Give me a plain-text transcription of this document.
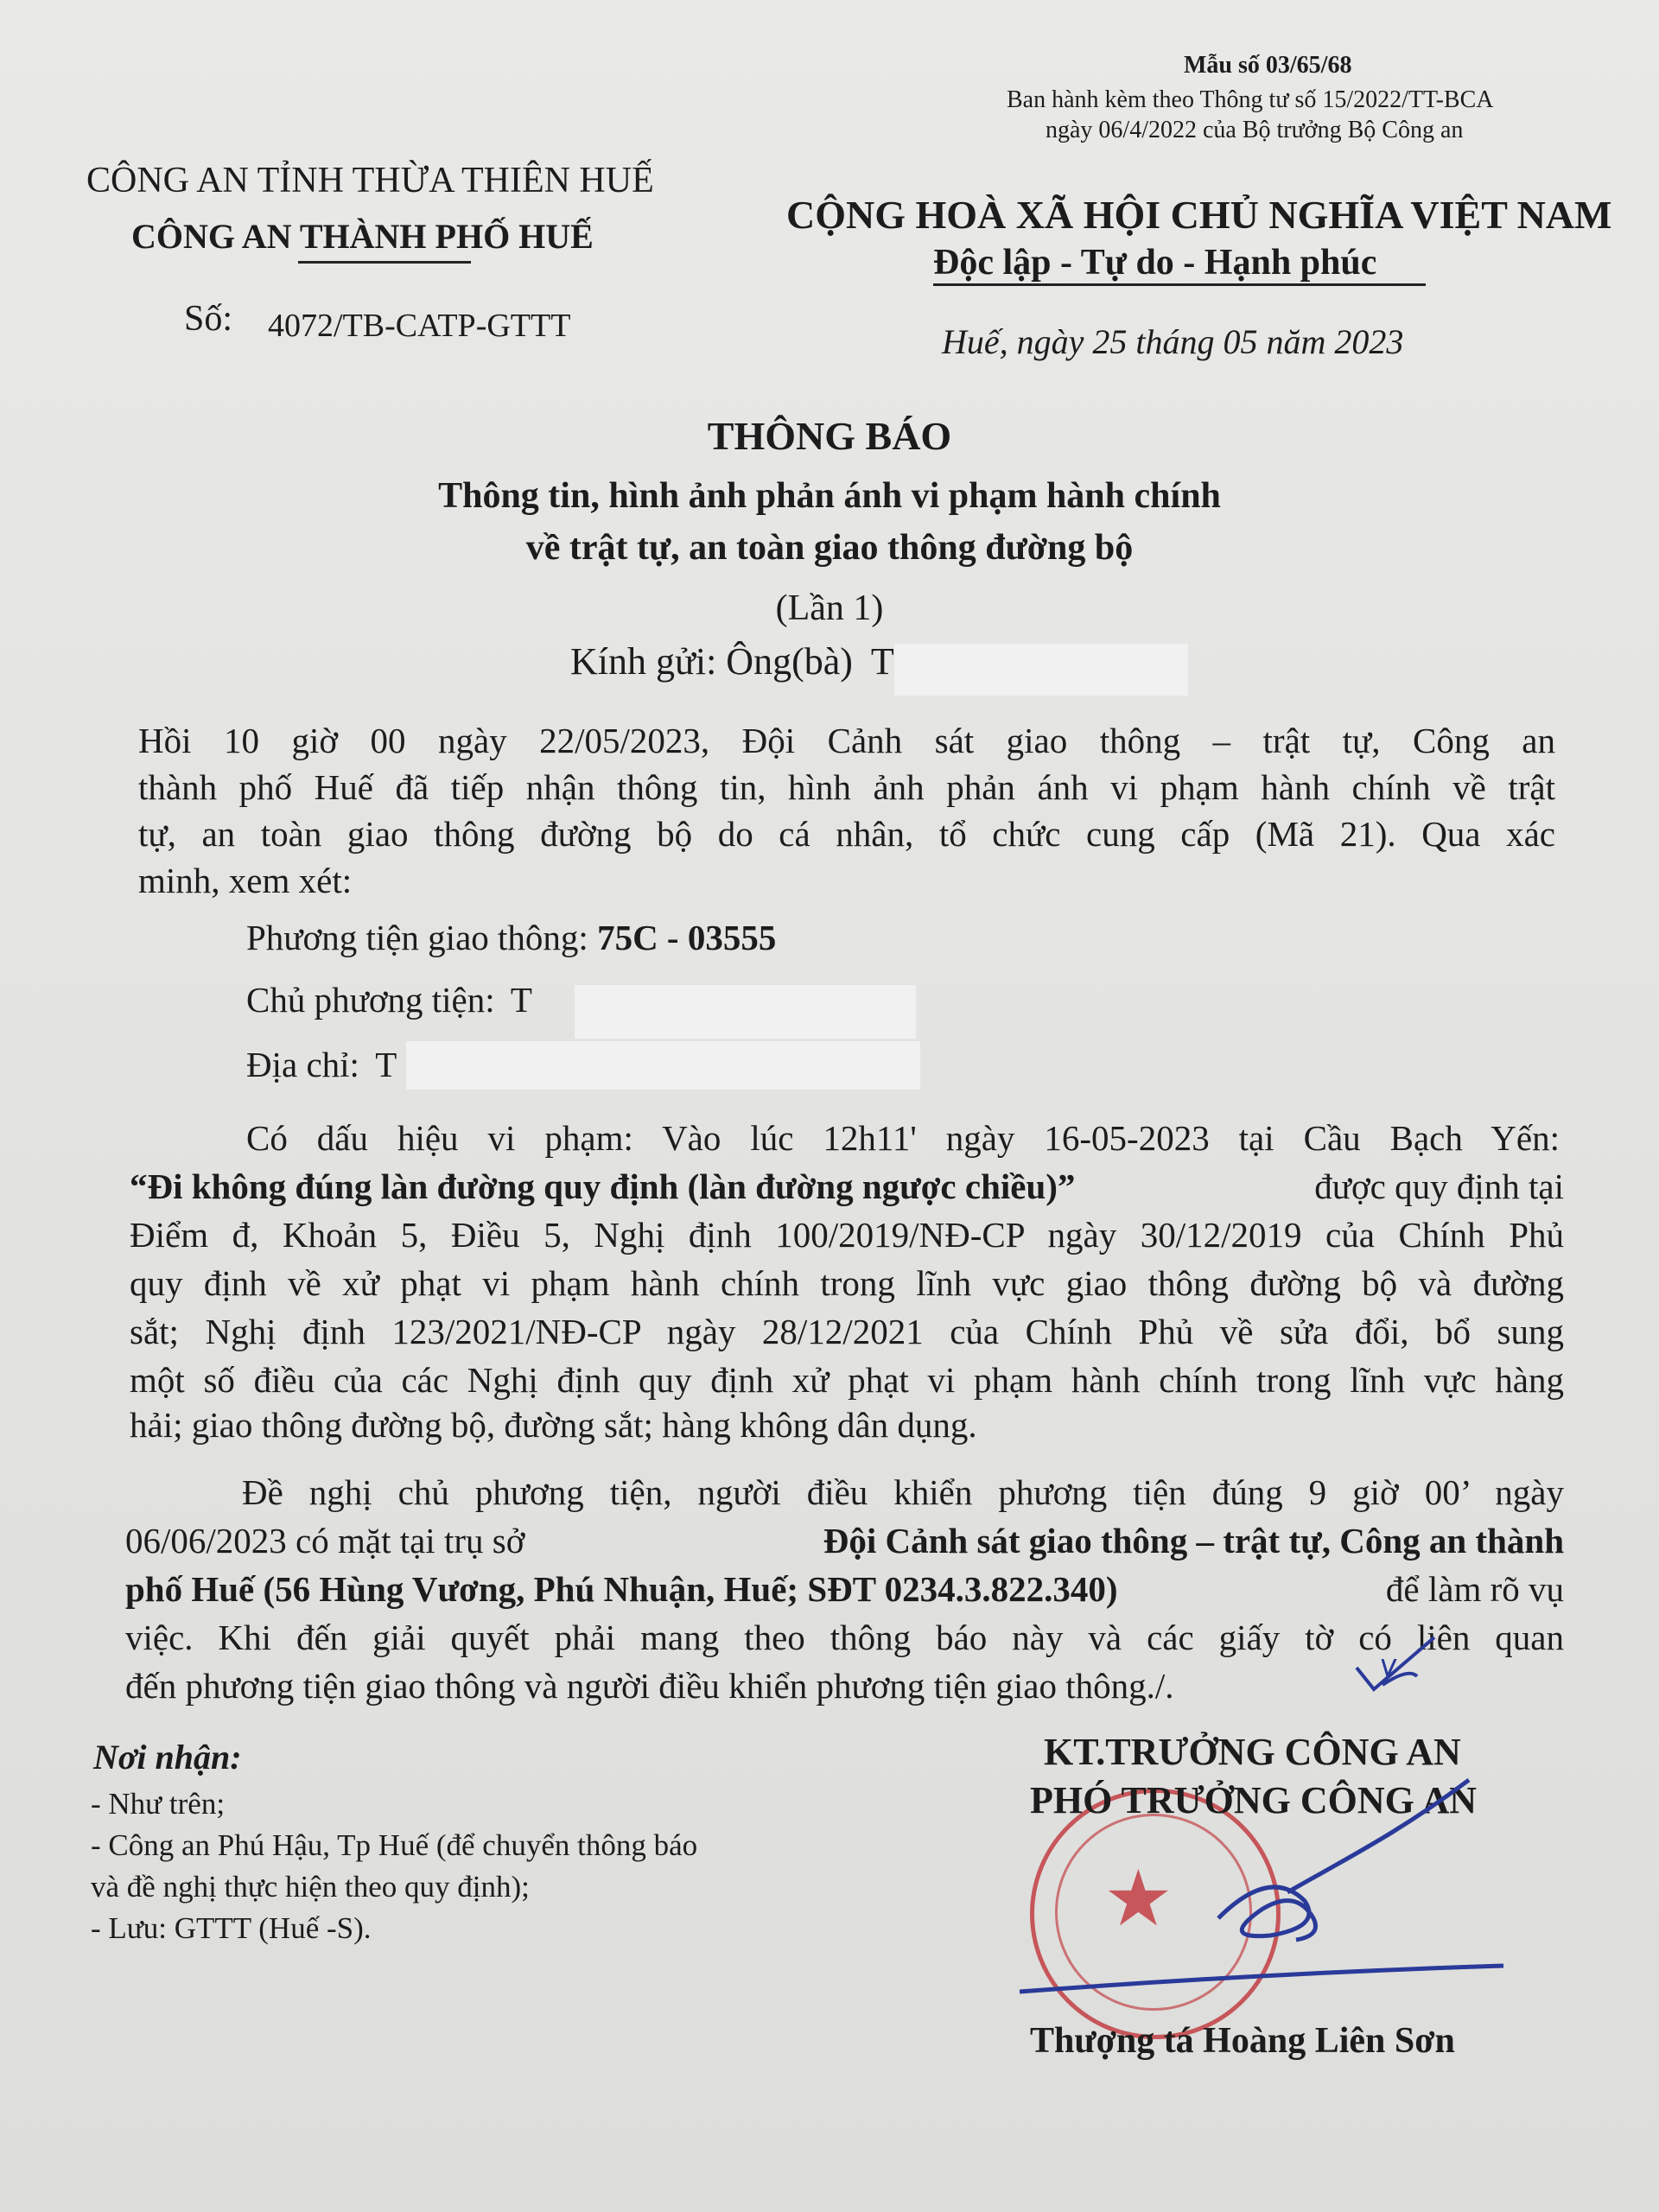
Mẫu số 03/65/68
Ban hành kèm theo Thông tư số 15/2022/TT-BCA
ngày 06/4/2022 của Bộ trưởng Bộ Công an
CÔNG AN TỈNH THỪA THIÊN HUẾ
CÔNG AN THÀNH PHỐ HUẾ
Số: 4072/TB-CATP-GTTT
CỘNG HOÀ XÃ HỘI CHỦ NGHĨA VIỆT NAM
Độc lập - Tự do - Hạnh phúc
Huế, ngày 25 tháng 05 năm 2023
THÔNG BÁO
Thông tin, hình ảnh phản ánh vi phạm hành chính
về trật tự, an toàn giao thông đường bộ
(Lần 1)
Kính gửi: Ông(bà) T
Hồi 10 giờ 00 ngày 22/05/2023, Đội Cảnh sát giao thông – trật tự, Công an
thành phố Huế đã tiếp nhận thông tin, hình ảnh phản ánh vi phạm hành chính về trật
tự, an toàn giao thông đường bộ do cá nhân, tổ chức cung cấp (Mã 21). Qua xác
minh, xem xét:
Phương tiện giao thông: 75C - 03555
Chủ phương tiện: T
Địa chỉ: T
Có dấu hiệu vi phạm: Vào lúc 12h11' ngày 16-05-2023 tại Cầu Bạch Yến:
“Đi không đúng làn đường quy định (làn đường ngược chiều)”	được quy định tại
Điểm đ, Khoản 5, Điều 5, Nghị định 100/2019/NĐ-CP ngày 30/12/2019 của Chính Phủ
quy định về xử phạt vi phạm hành chính trong lĩnh vực giao thông đường bộ và đường
sắt; Nghị định 123/2021/NĐ-CP ngày 28/12/2021 của Chính Phủ về sửa đổi, bổ sung
một số điều của các Nghị định quy định xử phạt vi phạm hành chính trong lĩnh vực hàng
hải; giao thông đường bộ, đường sắt; hàng không dân dụng.
Đề nghị chủ phương tiện, người điều khiển phương tiện đúng 9 giờ 00’ ngày
06/06/2023 có mặt tại trụ sở	Đội Cảnh sát giao thông – trật tự, Công an thành
phố Huế (56 Hùng Vương, Phú Nhuận, Huế; SĐT 0234.3.822.340)	để làm rõ vụ
việc. Khi đến giải quyết phải mang theo thông báo này và các giấy tờ có liên quan
đến phương tiện giao thông và người điều khiển phương tiện giao thông./.
Nơi nhận:
- Như trên;
- Công an Phú Hậu, Tp Huế (để chuyển thông báo
và đề nghị thực hiện theo quy định);
- Lưu: GTTT (Huế -S).	★
KT.TRƯỞNG CÔNG AN
PHÓ TRƯỞNG CÔNG AN
Thượng tá Hoàng Liên Sơn
